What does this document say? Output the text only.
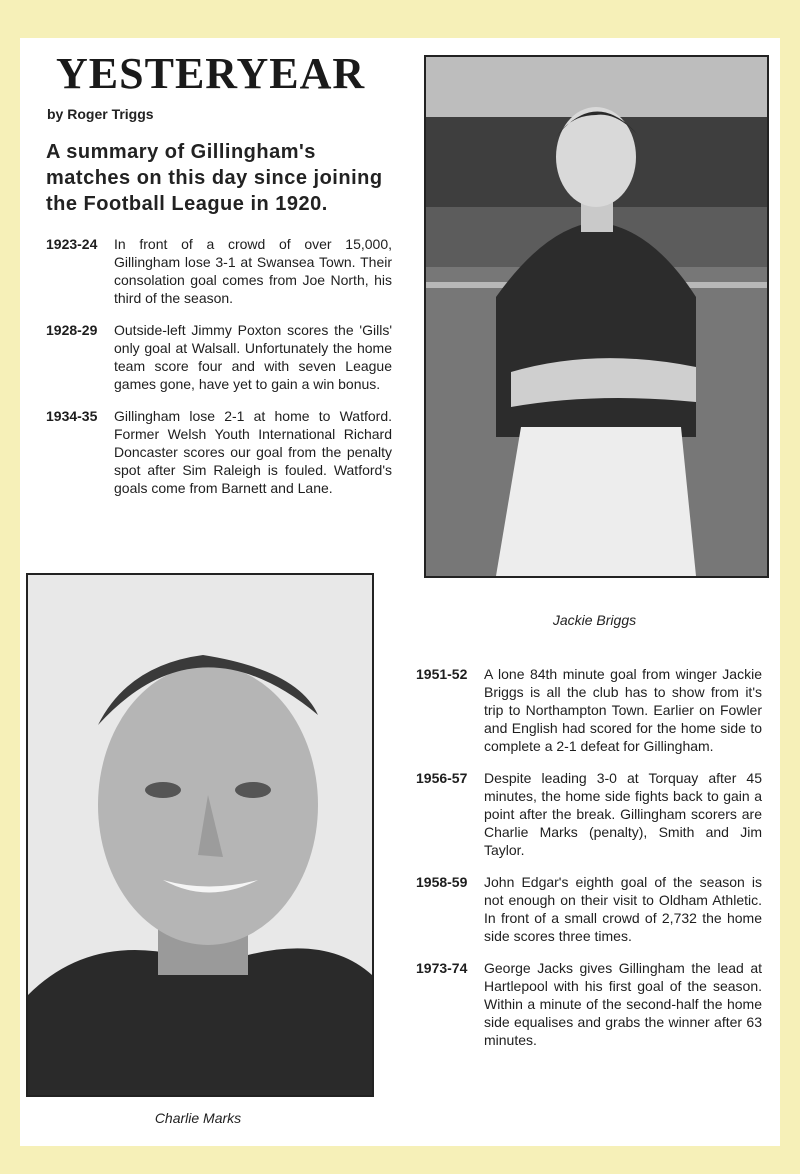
YESTERYEAR
by Roger Triggs
A summary of Gillingham's matches on this day since joining the Football League in 1920.
1923-24	In front of a crowd of over 15,000, Gillingham lose 3-1 at Swansea Town. Their consolation goal comes from Joe North, his third of the season.
1928-29	Outside-left Jimmy Poxton scores the 'Gills' only goal at Walsall. Unfortunately the home team score four and with seven League games gone, have yet to gain a win bonus.
1934-35	Gillingham lose 2-1 at home to Watford. Former Welsh Youth International Richard Doncaster scores our goal from the penalty spot after Sim Raleigh is fouled. Watford's goals come from Barnett and Lane.
Jackie Briggs
Charlie Marks
1951-52	A lone 84th minute goal from winger Jackie Briggs is all the club has to show from it's trip to Northampton Town. Earlier on Fowler and English had scored for the home side to complete a 2-1 defeat for Gillingham.
1956-57	Despite leading 3-0 at Torquay after 45 minutes, the home side fights back to gain a point after the break. Gillingham scorers are Charlie Marks (penalty), Smith and Jim Taylor.
1958-59	John Edgar's eighth goal of the season is not enough on their visit to Oldham Athletic. In front of a small crowd of 2,732 the home side scores three times.
1973-74	George Jacks gives Gillingham the lead at Hartlepool with his first goal of the season. Within a minute of the second-half the home side equalises and grabs the winner after 63 minutes.
